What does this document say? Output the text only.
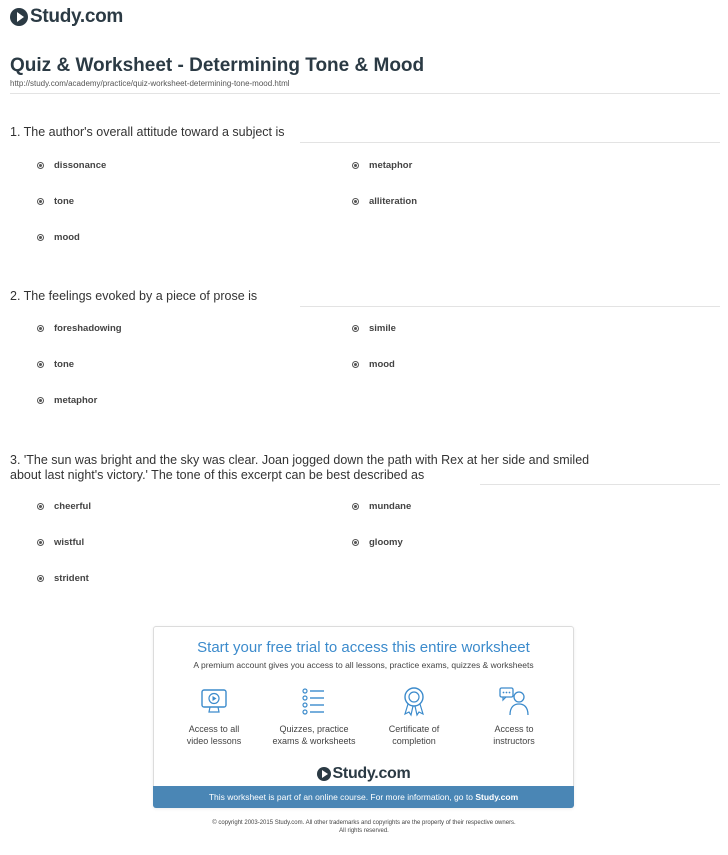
Study.com
Quiz & Worksheet - Determining Tone & Mood
http://study.com/academy/practice/quiz-worksheet-determining-tone-mood.html
1. The author's overall attitude toward a subject is
dissonance	metaphor
tone	alliteration
mood
2. The feelings evoked by a piece of prose is
foreshadowing	simile
tone	mood
metaphor
3. 'The sun was bright and the sky was clear. Joan jogged down the path with Rex at her side and smiled about last night's victory.' The tone of this excerpt can be best described as
cheerful	mundane
wistful	gloomy
strident
Start your free trial to access this entire worksheet
A premium account gives you access to all lessons, practice exams, quizzes & worksheets
Access to all
video lessons
Quizzes, practice
exams & worksheets
Certificate of
completion
Access to
instructors
Study.com
This worksheet is part of an online course. For more information, go to Study.com
© copyright 2003-2015 Study.com. All other trademarks and copyrights are the property of their respective owners.
All rights reserved.
